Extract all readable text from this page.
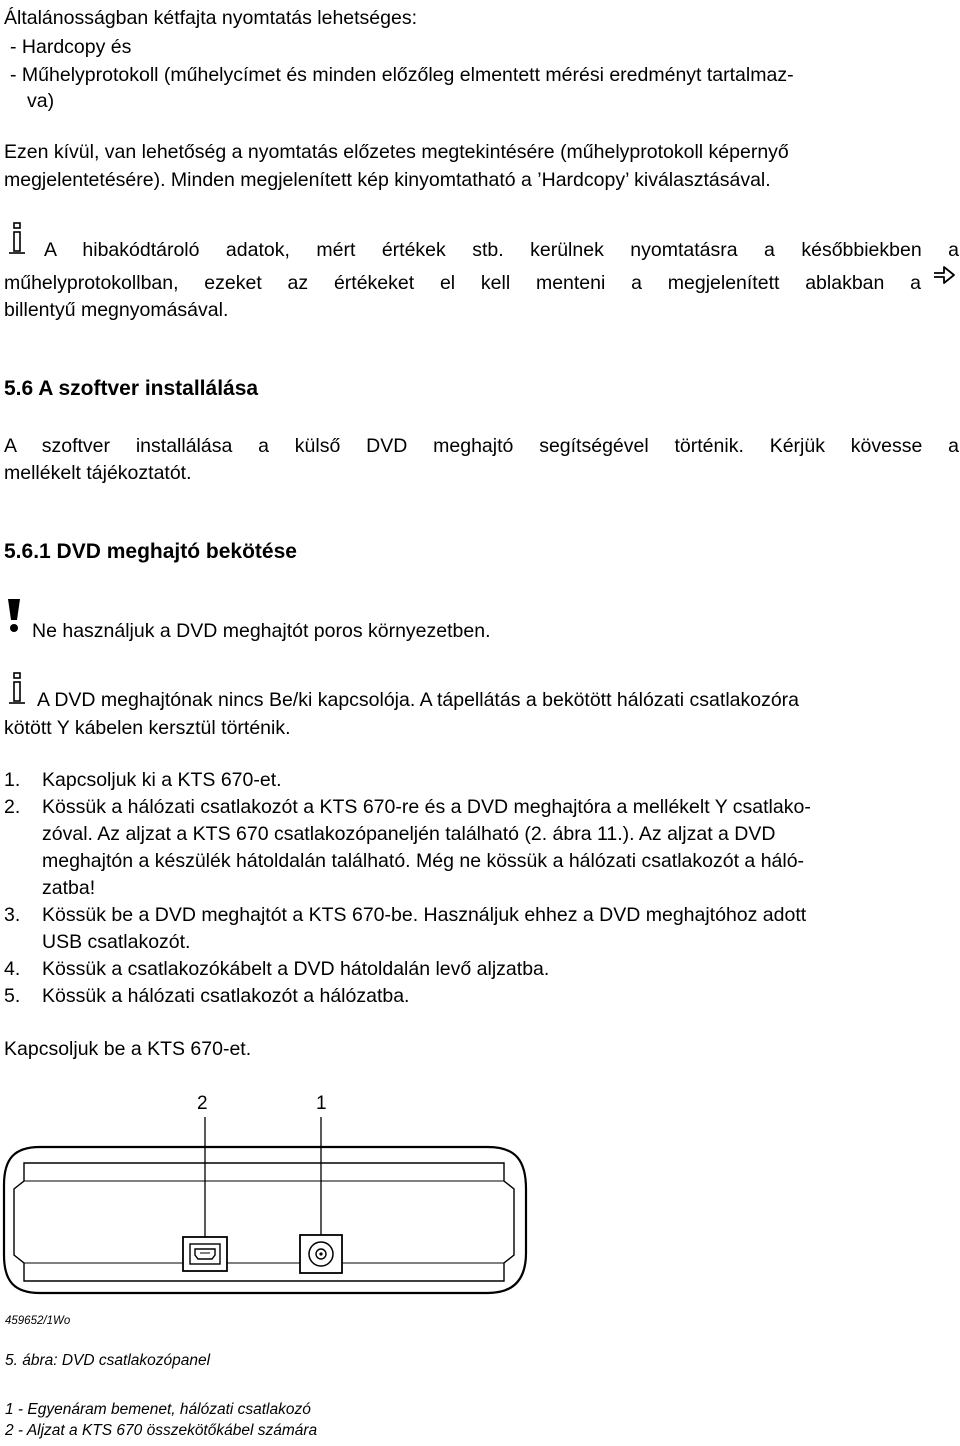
Általánosságban kétfajta nyomtatás lehetséges:
- Hardcopy és
- Műhelyprotokoll (műhelycímet és minden előzőleg elmentett mérési eredményt tartalmaz-
va)
Ezen kívül, van lehetőség a nyomtatás előzetes megtekintésére (műhelyprotokoll képernyő
megjelentetésére). Minden megjelenített kép kinyomtatható a ’Hardcopy’ kiválasztásával.
A hibakódtároló adatok, mért értékek stb. kerülnek nyomtatásra a későbbiekben a
műhelyprotokollban, ezeket az értékeket el kell menteni a megjelenített ablakban a
billentyű megnyomásával.
5.6 A szoftver installálása
A szoftver installálása a külső DVD meghajtó segítségével történik. Kérjük kövesse a
mellékelt tájékoztatót.
5.6.1 DVD meghajtó bekötése
Ne használjuk a DVD meghajtót poros környezetben.
A DVD meghajtónak nincs Be/ki kapcsolója. A tápellátás a bekötött hálózati csatlakozóra
kötött Y kábelen kersztül történik.
1. Kapcsoljuk ki a KTS 670-et.
2. Kössük a hálózati csatlakozót a KTS 670-re és a DVD meghajtóra a mellékelt Y csatlako-
zóval. Az aljzat a KTS 670 csatlakozópaneljén található (2. ábra 11.). Az aljzat a DVD
meghajtón a készülék hátoldalán található. Még ne kössük a hálózati csatlakozót a háló-
zatba!
3. Kössük be a DVD meghajtót a KTS 670-be. Használjuk ehhez a DVD meghajtóhoz adott
USB csatlakozót.
4. Kössük a csatlakozókábelt a DVD hátoldalán levő aljzatba.
5. Kössük a hálózati csatlakozót a hálózatba.
Kapcsoljuk be a KTS 670-et.
2	1
459652/1Wo
5. ábra: DVD csatlakozópanel
1 - Egyenáram bemenet, hálózati csatlakozó
2 - Aljzat a KTS 670 összekötőkábel számára
